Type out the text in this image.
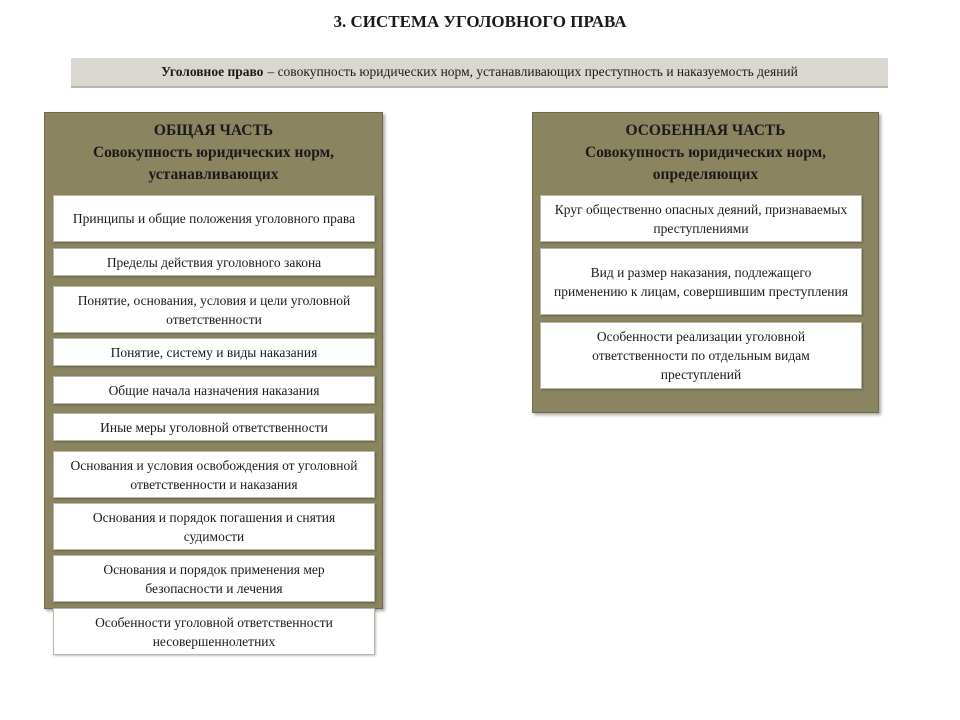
3. СИСТЕМА УГОЛОВНОГО ПРАВА
Уголовное право – совокупность юридических норм, устанавливающих преступность и наказуемость деяний
ОБЩАЯ ЧАСТЬ
Совокупность юридических норм,
устанавливающих
Принципы и общие положения уголовного права
Пределы действия уголовного закона
Понятие, основания, условия и цели уголовной ответственности
Понятие, систему и виды наказания
Общие начала назначения наказания
Иные меры уголовной ответственности
Основания и условия освобождения от уголовной ответственности и наказания
Основания и порядок погашения и снятия судимости
Основания и порядок применения мер безопасности и лечения
Особенности уголовной ответственности несовершеннолетних
ОСОБЕННАЯ ЧАСТЬ
Совокупность юридических норм,
определяющих
Круг общественно опасных деяний, признаваемых преступлениями
Вид и размер наказания, подлежащего применению к лицам, совершившим преступления
Особенности реализации уголовной ответственности по отдельным видам преступлений
